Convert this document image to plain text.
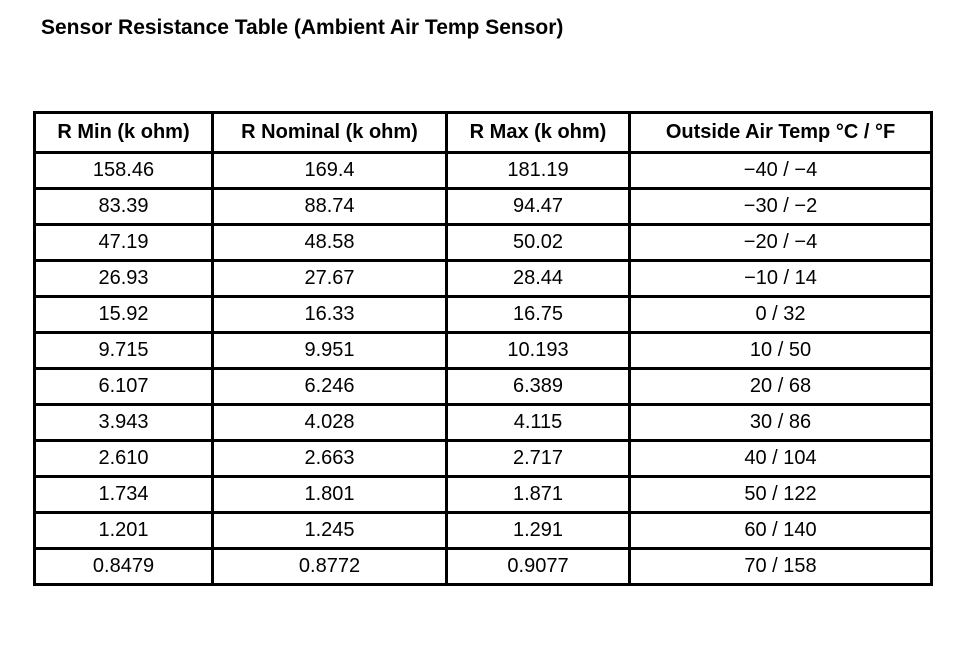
Sensor Resistance Table (Ambient Air Temp Sensor)
R Min (k ohm)	R Nominal (k ohm)	R Max (k ohm)	Outside Air Temp °C / °F
158.46	169.4	181.19	−40 / −4
83.39	88.74	94.47	−30 / −2
47.19	48.58	50.02	−20 / −4
26.93	27.67	28.44	−10 / 14
15.92	16.33	16.75	0 / 32
9.715	9.951	10.193	10 / 50
6.107	6.246	6.389	20 / 68
3.943	4.028	4.115	30 / 86
2.610	2.663	2.717	40 / 104
1.734	1.801	1.871	50 / 122
1.201	1.245	1.291	60 / 140
0.8479	0.8772	0.9077	70 / 158
